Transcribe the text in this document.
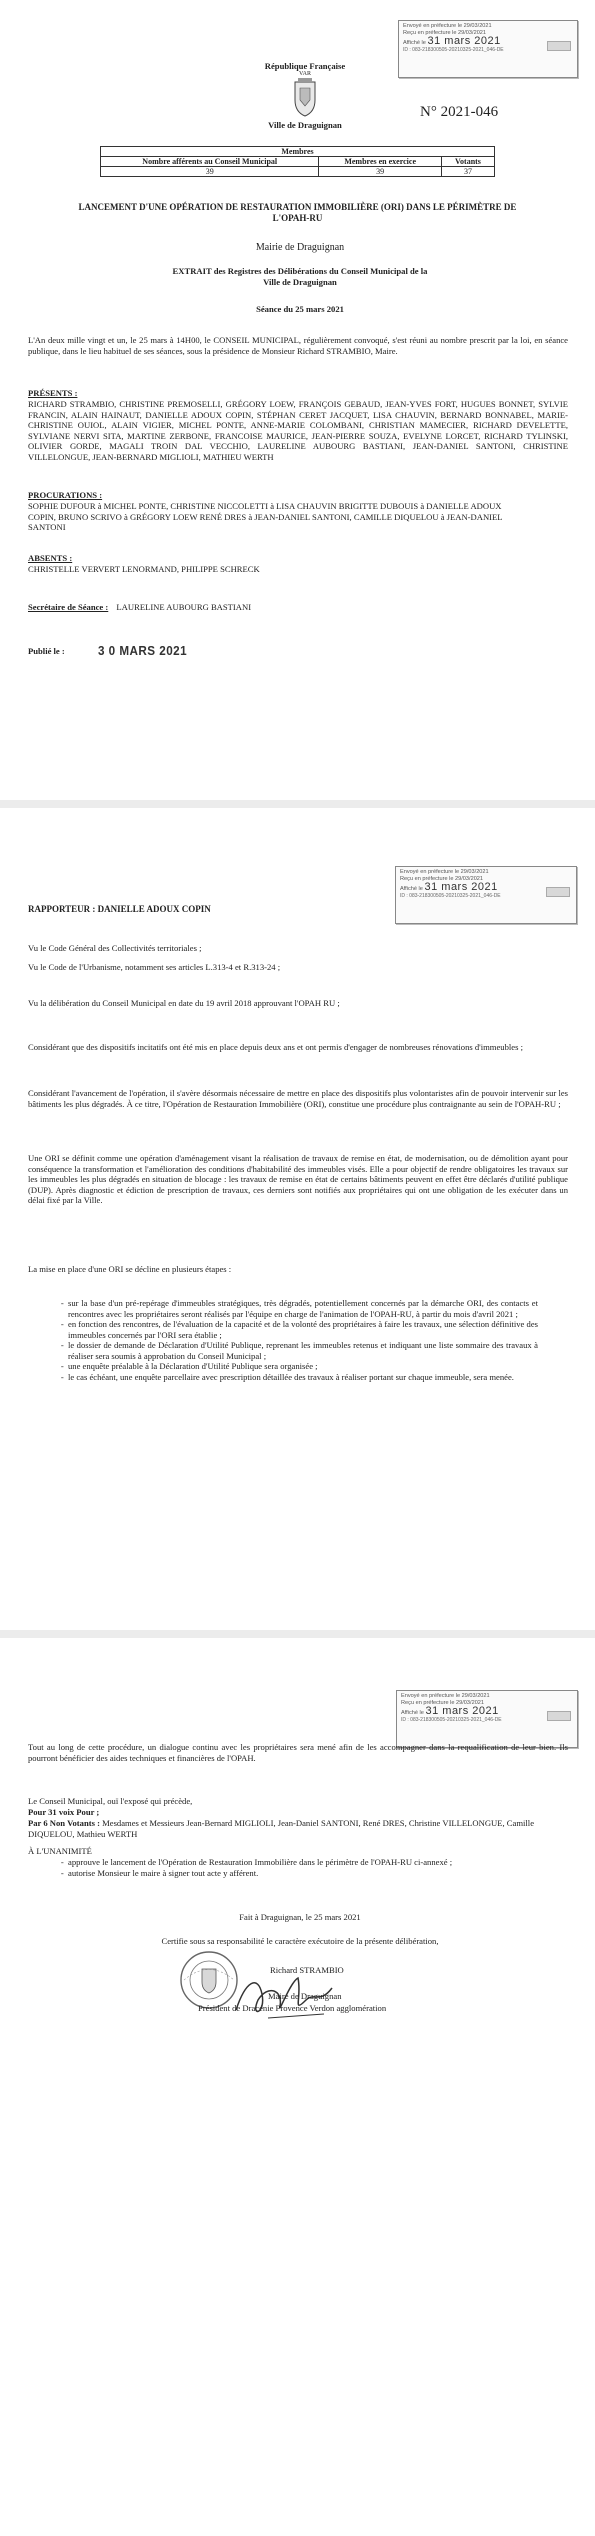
Envoyé en préfecture le 29/03/2021
Reçu en préfecture le 29/03/2021
Affiché le 31 mars 2021
ID : 083-218300505-20210325-2021_046-DE
République Française
VAR
Ville de Draguignan
N° 2021-046
Membres		
Nombre afférents au Conseil Municipal	Membres en exercice	Votants
39	39	37
LANCEMENT D'UNE OPÉRATION DE RESTAURATION IMMOBILIÈRE (ORI) DANS LE PÉRIMÈTRE DE L'OPAH-RU
Mairie de Draguignan
EXTRAIT des Registres des Délibérations du Conseil Municipal de la Ville de Draguignan
Séance du 25 mars 2021
L'An deux mille vingt et un, le 25 mars à 14H00, le CONSEIL MUNICIPAL, régulièrement convoqué, s'est réuni au nombre prescrit par la loi, en séance publique, dans le lieu habituel de ses séances, sous la présidence de Monsieur Richard STRAMBIO, Maire.
PRÉSENTS :
RICHARD STRAMBIO, CHRISTINE PREMOSELLI, GRÉGORY LOEW, FRANÇOIS GEBAUD, JEAN-YVES FORT, HUGUES BONNET, SYLVIE FRANCIN, ALAIN HAINAUT, DANIELLE ADOUX COPIN, STÉPHAN CERET JACQUET, LISA CHAUVIN, BERNARD BONNABEL, MARIE-CHRISTINE OUIOL, ALAIN VIGIER, MICHEL PONTE, ANNE-MARIE COLOMBANI, CHRISTIAN MAMECIER, RICHARD DEVELETTE, SYLVIANE NERVI SITA, MARTINE ZERBONE, FRANCOISE MAURICE, JEAN-PIERRE SOUZA, EVELYNE LORCET, RICHARD TYLINSKI, OLIVIER GORDE, MAGALI TROIN DAL VECCHIO, LAURELINE AUBOURG BASTIANI, JEAN-DANIEL SANTONI, CHRISTINE VILLELONGUE, JEAN-BERNARD MIGLIOLI, MATHIEU WERTH
PROCURATIONS :
SOPHIE DUFOUR à MICHEL PONTE, CHRISTINE NICCOLETTI à LISA CHAUVIN BRIGITTE DUBOUIS à DANIELLE ADOUX COPIN, BRUNO SCRIVO à GRÉGORY LOEW RENÉ DRES à JEAN-DANIEL SANTONI, CAMILLE DIQUELOU à JEAN-DANIEL SANTONI
ABSENTS :
CHRISTELLE VERVERT LENORMAND, PHILIPPE SCHRECK
Secrétaire de Séance : LAURELINE AUBOURG BASTIANI
Publié le :	3 0 MARS 2021
Envoyé en préfecture le 29/03/2021
Reçu en préfecture le 29/03/2021
Affiché le 31 mars 2021
ID : 083-218300505-20210325-2021_046-DE
RAPPORTEUR : DANIELLE ADOUX COPIN
Vu le Code Général des Collectivités territoriales ;
Vu le Code de l'Urbanisme, notamment ses articles L.313-4 et R.313-24 ;
Vu la délibération du Conseil Municipal en date du 19 avril 2018 approuvant l'OPAH RU ;
Considérant que des dispositifs incitatifs ont été mis en place depuis deux ans et ont permis d'engager de nombreuses rénovations d'immeubles ;
Considérant l'avancement de l'opération, il s'avère désormais nécessaire de mettre en place des dispositifs plus volontaristes afin de pouvoir intervenir sur les bâtiments les plus dégradés. À ce titre, l'Opération de Restauration Immobilière (ORI), constitue une procédure plus contraignante au sein de l'OPAH-RU ;
Une ORI se définit comme une opération d'aménagement visant la réalisation de travaux de remise en état, de modernisation, ou de démolition ayant pour conséquence la transformation et l'amélioration des conditions d'habitabilité des immeubles visés. Elle a pour objectif de rendre obligatoires les travaux sur les immeubles les plus dégradés en situation de blocage : les travaux de remise en état de certains bâtiments peuvent en effet être déclarés d'utilité publique (DUP). Après diagnostic et édiction de prescription de travaux, ces derniers sont notifiés aux propriétaires qui ont une obligation de les exécuter dans un délai fixé par la Ville.
La mise en place d'une ORI se décline en plusieurs étapes :
- sur la base d'un pré-repérage d'immeubles stratégiques, très dégradés, potentiellement concernés par la démarche ORI, des contacts et rencontres avec les propriétaires seront réalisés par l'équipe en charge de l'animation de l'OPAH-RU, à partir du mois d'avril 2021 ;
- en fonction des rencontres, de l'évaluation de la capacité et de la volonté des propriétaires à faire les travaux, une sélection définitive des immeubles concernés par l'ORI sera établie ;
- le dossier de demande de Déclaration d'Utilité Publique, reprenant les immeubles retenus et indiquant une liste sommaire des travaux à réaliser sera soumis à approbation du Conseil Municipal ;
- une enquête préalable à la Déclaration d'Utilité Publique sera organisée ;
- le cas échéant, une enquête parcellaire avec prescription détaillée des travaux à réaliser portant sur chaque immeuble, sera menée.
Envoyé en préfecture le 29/03/2021
Reçu en préfecture le 29/03/2021
Affiché le 31 mars 2021
ID : 083-218300505-20210325-2021_046-DE
Tout au long de cette procédure, un dialogue continu avec les propriétaires sera mené afin de les accompagner dans la requalification de leur bien. Ils pourront bénéficier des aides techniques et financières de l'OPAH.
Le Conseil Municipal, ouï l'exposé qui précède,
Pour 31 voix Pour ;
Par 6 Non Votants : Mesdames et Messieurs Jean-Bernard MIGLIOLI, Jean-Daniel SANTONI, René DRES, Christine VILLELONGUE, Camille DIQUELOU, Mathieu WERTH
À L'UNANIMITÉ
- approuve le lancement de l'Opération de Restauration Immobilière dans le périmètre de l'OPAH-RU ci-annexé ;
- autorise Monsieur le maire à signer tout acte y afférent.
Fait à Draguignan, le 25 mars 2021
Certifie sous sa responsabilité le caractère exécutoire de la présente délibération,
Richard STRAMBIO
Maire de Draguignan
Président de Dracénie Provence Verdon agglomération
